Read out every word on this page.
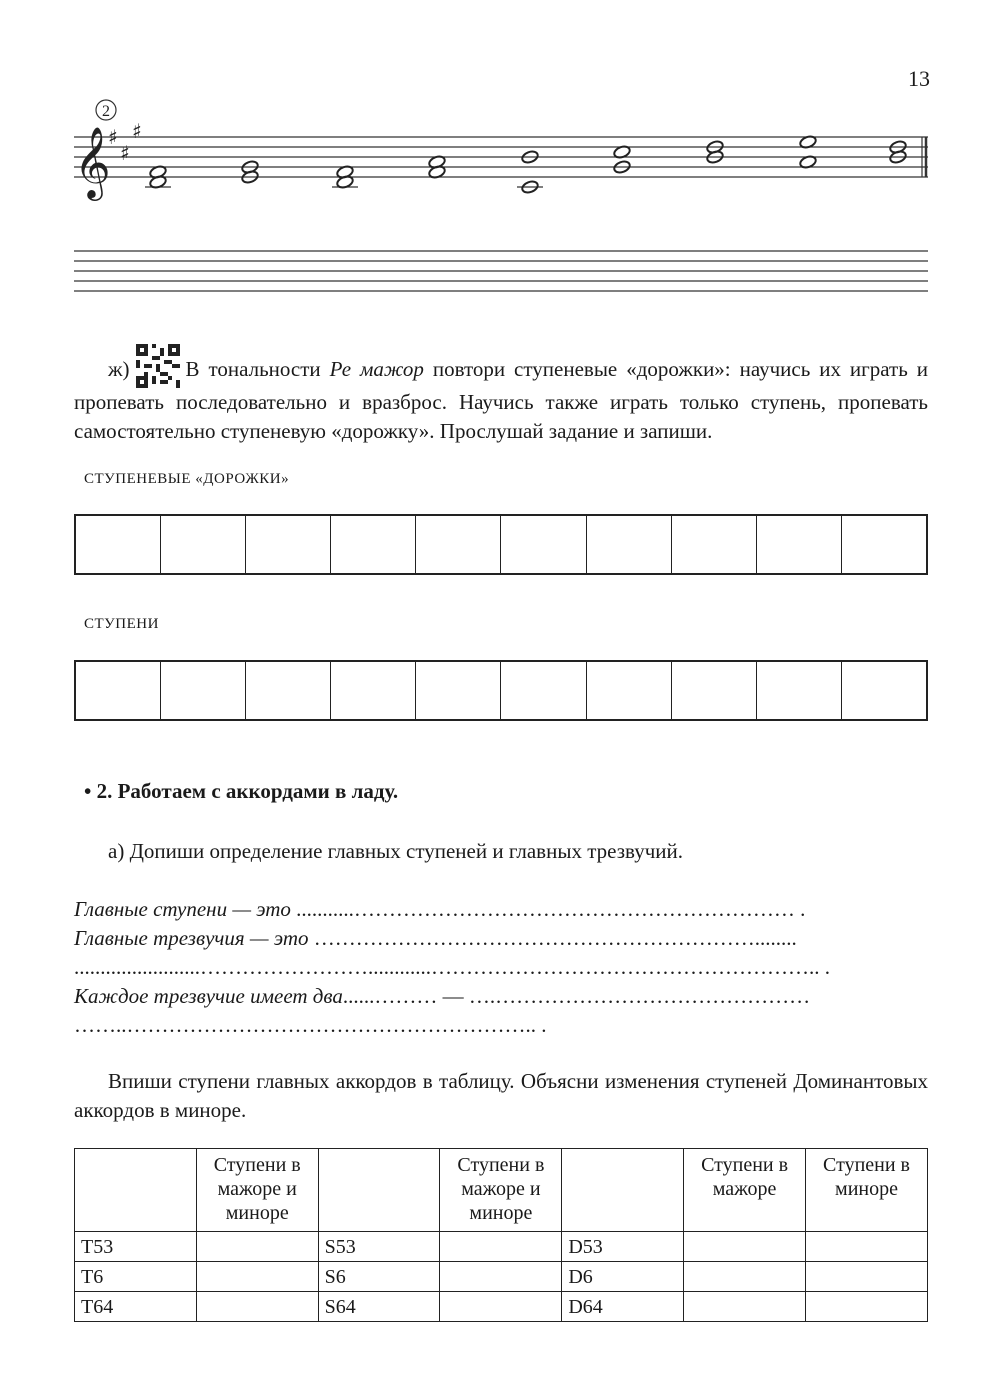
13
2
𝄞
♯
♯
♯
ж)	В тональности Ре мажор повтори ступеневые «дорожки»: научись их играть и пропевать последовательно и вразброс. Научись также играть только ступень, пропевать самостоятельно ступеневую «дорожку». Прослушай задание и запиши.
СТУПЕНЕВЫЕ «ДОРОЖКИ»
СТУПЕНИ
• 2. Работаем с аккордами в ладу.
а) Допиши определение главных ступеней и главных трезвучий.
Главные ступени — это ...........……………………………………………………… .
Главные трезвучия — это ………………………………………………………........
........................……………………............……………………………………………….. .
Каждое трезвучие имеет два......……… — ….………………………………………
……..………………………………………………….. .
Впиши ступени главных аккордов в таблицу. Объясни изменения ступеней Доминантовых аккордов в миноре.
	Ступени в мажоре и миноре		Ступени в мажоре и миноре		Ступени в мажоре	Ступени в миноре
T53		S53		D53		
T6		S6		D6		
T64		S64		D64		
